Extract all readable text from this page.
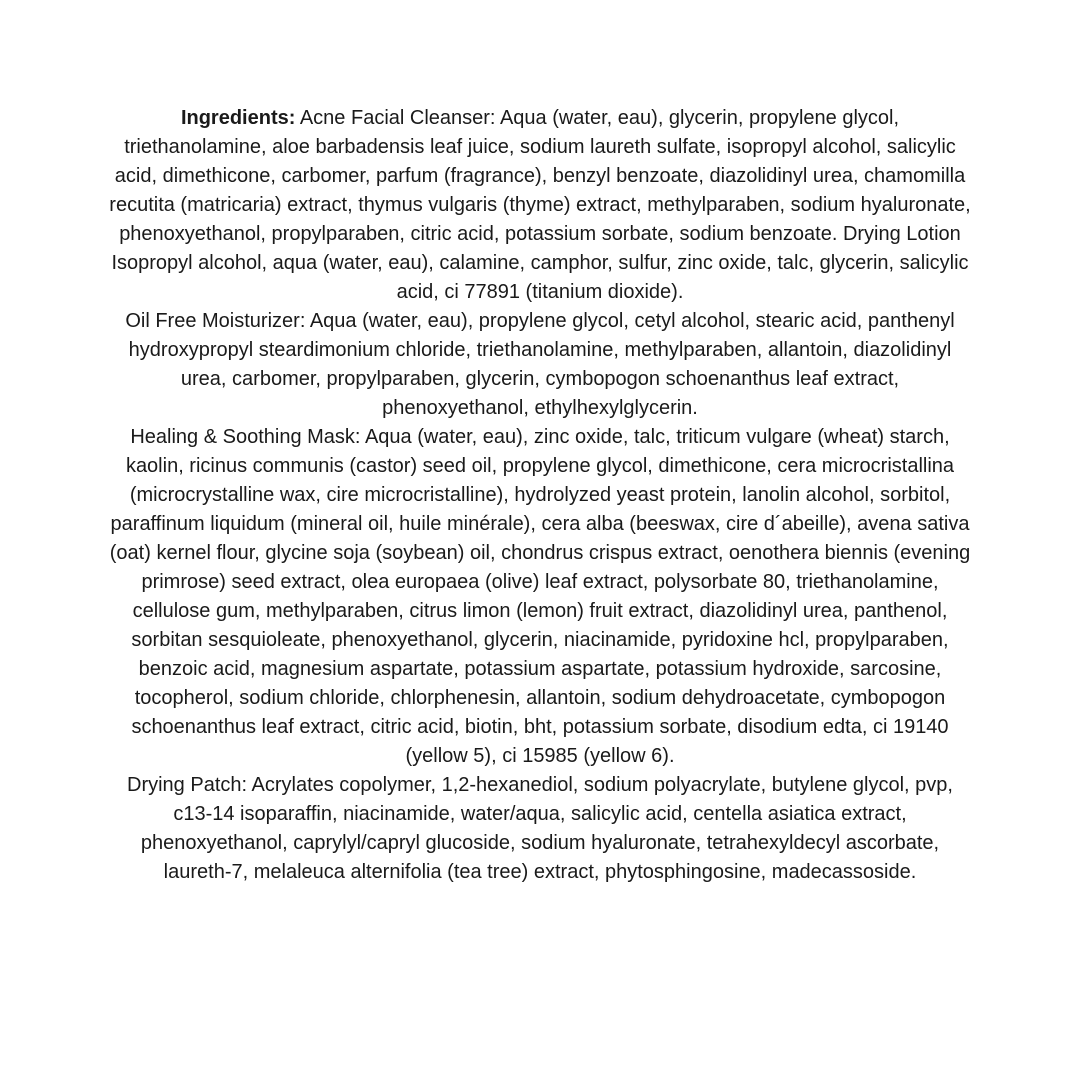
Ingredients: Acne Facial Cleanser: Aqua (water, eau), glycerin, propylene glycol, triethanolamine, aloe barbadensis leaf juice, sodium laureth sulfate, isopropyl alcohol, salicylic acid, dimethicone, carbomer, parfum (fragrance), benzyl benzoate, diazolidinyl urea, chamomilla recutita (matricaria) extract, thymus vulgaris (thyme) extract, methylparaben, sodium hyaluronate, phenoxyethanol, propylparaben, citric acid, potassium sorbate, sodium benzoate. Drying Lotion Isopropyl alcohol, aqua (water, eau), calamine, camphor, sulfur, zinc oxide, talc, glycerin, salicylic acid, ci 77891 (titanium dioxide).

Oil Free Moisturizer: Aqua (water, eau), propylene glycol, cetyl alcohol, stearic acid, panthenyl hydroxypropyl steardimonium chloride, triethanolamine, methylparaben, allantoin, diazolidinyl urea, carbomer, propylparaben, glycerin, cymbopogon schoenanthus leaf extract, phenoxyethanol, ethylhexylglycerin.

Healing & Soothing Mask: Aqua (water, eau), zinc oxide, talc, triticum vulgare (wheat) starch, kaolin, ricinus communis (castor) seed oil, propylene glycol, dimethicone, cera microcristallina (microcrystalline wax, cire microcristalline), hydrolyzed yeast protein, lanolin alcohol, sorbitol, paraffinum liquidum (mineral oil, huile minérale), cera alba (beeswax, cire d´abeille), avena sativa (oat) kernel flour, glycine soja (soybean) oil, chondrus crispus extract, oenothera biennis (evening primrose) seed extract, olea europaea (olive) leaf extract, polysorbate 80, triethanolamine, cellulose gum, methylparaben, citrus limon (lemon) fruit extract, diazolidinyl urea, panthenol, sorbitan sesquioleate, phenoxyethanol, glycerin, niacinamide, pyridoxine hcl, propylparaben, benzoic acid, magnesium aspartate, potassium aspartate, potassium hydroxide, sarcosine, tocopherol, sodium chloride, chlorphenesin, allantoin, sodium dehydroacetate, cymbopogon schoenanthus leaf extract, citric acid, biotin, bht, potassium sorbate, disodium edta, ci 19140 (yellow 5), ci 15985 (yellow 6).

Drying Patch: Acrylates copolymer, 1,2-hexanediol, sodium polyacrylate, butylene glycol, pvp, c13-14 isoparaffin, niacinamide, water/aqua, salicylic acid, centella asiatica extract, phenoxyethanol, caprylyl/capryl glucoside, sodium hyaluronate, tetrahexyldecyl ascorbate, laureth-7, melaleuca alternifolia (tea tree) extract, phytosphingosine, madecassoside.
